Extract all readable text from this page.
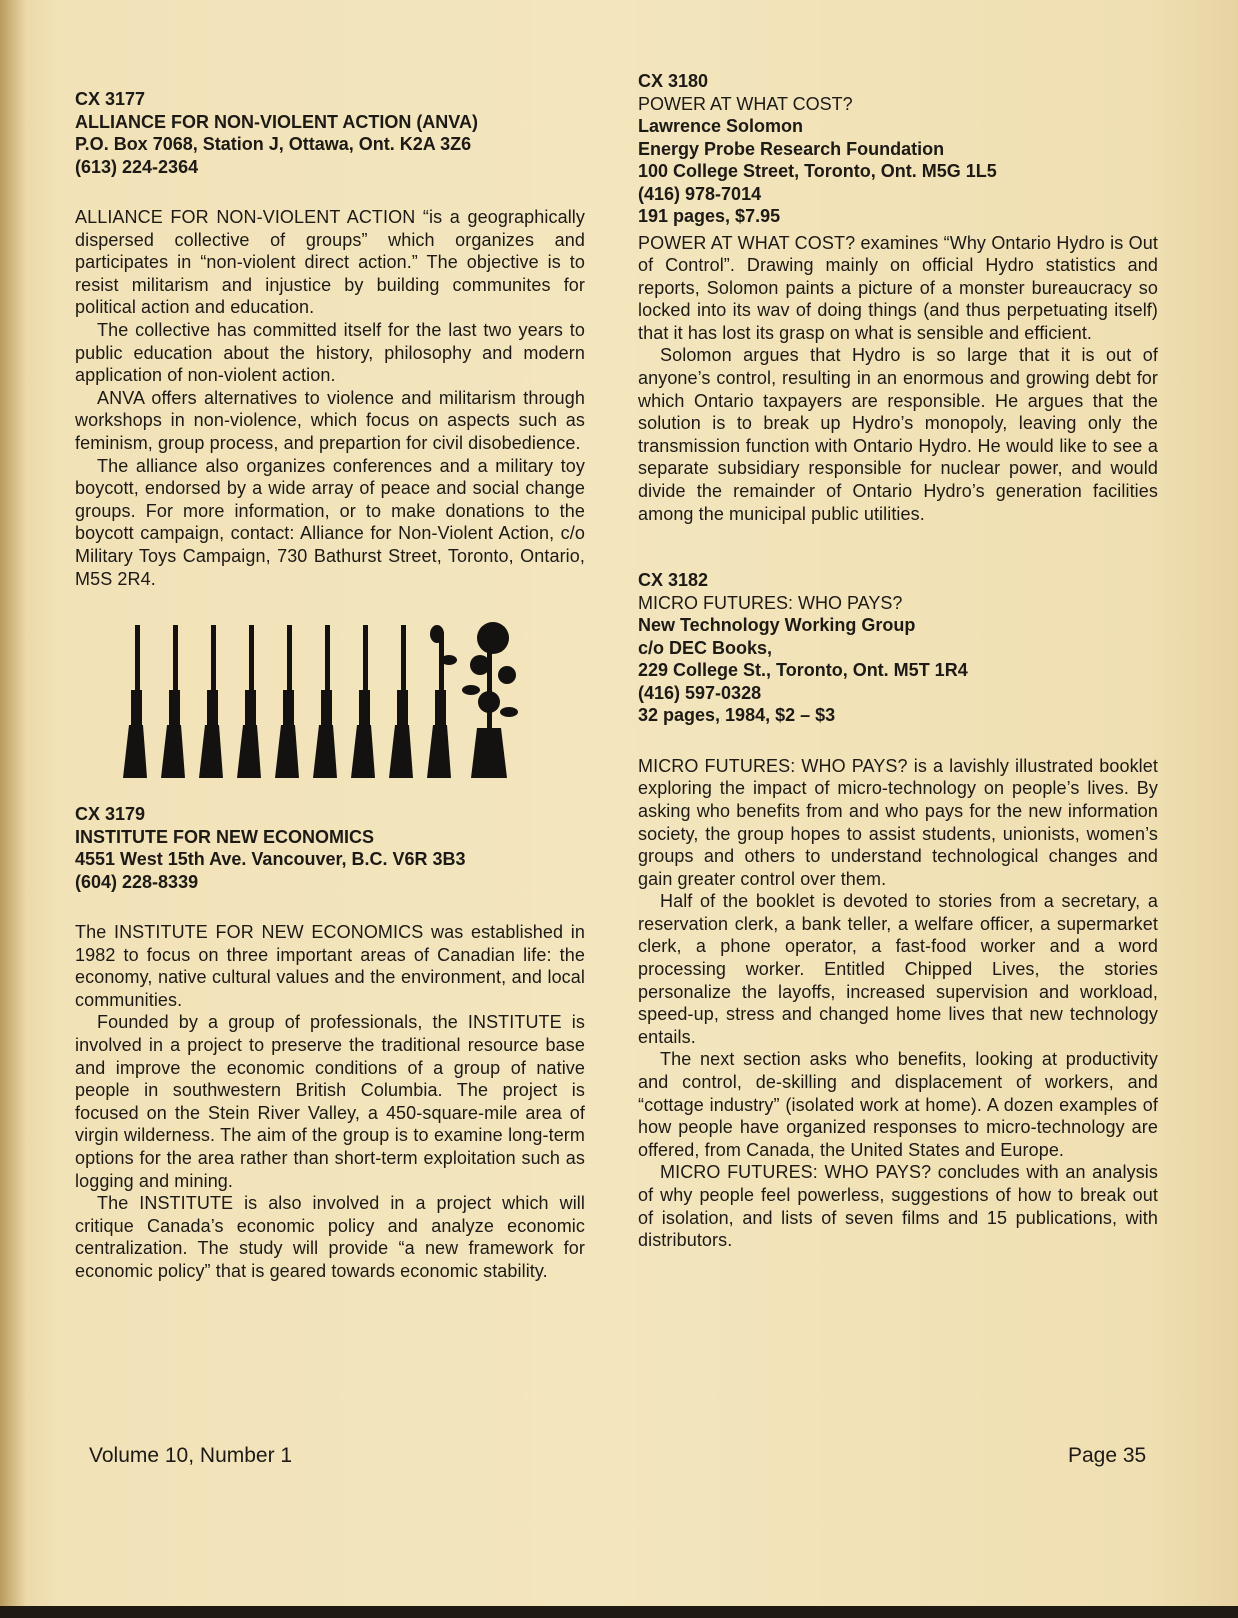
CX 3177
ALLIANCE FOR NON-VIOLENT ACTION (ANVA)
P.O. Box 7068, Station J, Ottawa, Ont. K2A 3Z6
(613) 224-2364

ALLIANCE FOR NON-VIOLENT ACTION “is a geographically dispersed collective of groups” which organizes and participates in “non-violent direct action.” The objective is to resist militarism and injustice by building communites for political action and education.

The collective has committed itself for the last two years to public education about the history, philosophy and modern application of non-violent action.

ANVA offers alternatives to violence and militarism through workshops in non-violence, which focus on aspects such as feminism, group process, and prepartion for civil disobedience.

The alliance also organizes conferences and a military toy boycott, endorsed by a wide array of peace and social change groups. For more information, or to make donations to the boycott campaign, contact: Alliance for Non-Violent Action, c/o Military Toys Campaign, 730 Bathurst Street, Toronto, Ontario, M5S 2R4.

CX 3179
INSTITUTE FOR NEW ECONOMICS
4551 West 15th Ave. Vancouver, B.C. V6R 3B3
(604) 228-8339

The INSTITUTE FOR NEW ECONOMICS was established in 1982 to focus on three important areas of Canadian life: the economy, native cultural values and the environment, and local communities.

Founded by a group of professionals, the INSTITUTE is involved in a project to preserve the traditional resource base and improve the economic conditions of a group of native people in southwestern British Columbia. The project is focused on the Stein River Valley, a 450-square-mile area of virgin wilderness. The aim of the group is to examine long-term options for the area rather than short-term exploitation such as logging and mining.

The INSTITUTE is also involved in a project which will critique Canada’s economic policy and analyze economic centralization. The study will provide “a new framework for economic policy” that is geared towards economic stability.

CX 3180
POWER AT WHAT COST?
Lawrence Solomon
Energy Probe Research Foundation
100 College Street, Toronto, Ont. M5G 1L5
(416) 978-7014
191 pages, $7.95

POWER AT WHAT COST? examines “Why Ontario Hydro is Out of Control”. Drawing mainly on official Hydro statistics and reports, Solomon paints a picture of a monster bureaucracy so locked into its wav of doing things (and thus perpetuating itself) that it has lost its grasp on what is sensible and efficient.

Solomon argues that Hydro is so large that it is out of anyone’s control, resulting in an enormous and growing debt for which Ontario taxpayers are responsible. He argues that the solution is to break up Hydro’s monopoly, leaving only the transmission function with Ontario Hydro. He would like to see a separate subsidiary responsible for nuclear power, and would divide the remainder of Ontario Hydro’s generation facilities among the municipal public utilities.

CX 3182
MICRO FUTURES: WHO PAYS?
New Technology Working Group
c/o DEC Books,
229 College St., Toronto, Ont. M5T 1R4
(416) 597-0328
32 pages, 1984, $2 – $3

MICRO FUTURES: WHO PAYS? is a lavishly illustrated booklet exploring the impact of micro-technology on people’s lives. By asking who benefits from and who pays for the new information society, the group hopes to assist students, unionists, women’s groups and others to understand technological changes and gain greater control over them.

Half of the booklet is devoted to stories from a secretary, a reservation clerk, a bank teller, a welfare officer, a supermarket clerk, a phone operator, a fast-food worker and a word processing worker. Entitled Chipped Lives, the stories personalize the layoffs, increased supervision and workload, speed-up, stress and changed home lives that new technology entails.

The next section asks who benefits, looking at productivity and control, de-skilling and displacement of workers, and “cottage industry” (isolated work at home). A dozen examples of how people have organized responses to micro-technology are offered, from Canada, the United States and Europe.

MICRO FUTURES: WHO PAYS? concludes with an analysis of why people feel powerless, suggestions of how to break out of isolation, and lists of seven films and 15 publications, with distributors.

Volume 10, Number 1	Page 35
